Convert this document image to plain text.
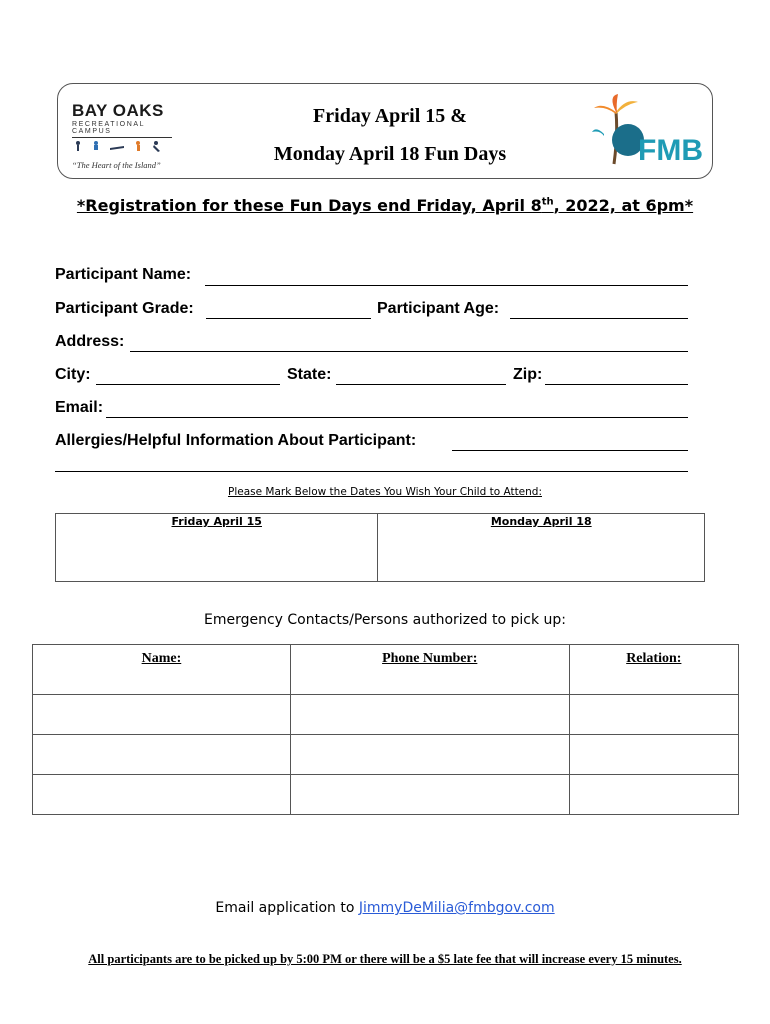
BAY OAKS
RECREATIONAL CAMPUS
“The Heart of the Island”
Friday April 15 &
Monday April 18 Fun Days	FMB
*Registration for these Fun Days end Friday, April 8th, 2022, at 6pm*
Participant Name:
Participant Grade:	Participant Age:
Address:
City:	State:	Zip:
Email:
Allergies/Helpful Information About Participant:
Please Mark Below the Dates You Wish Your Child to Attend:
Friday April 15	Monday April 18
Emergency Contacts/Persons authorized to pick up:
Name:	Phone Number:	Relation:

Email application to JimmyDeMilia@fmbgov.com
All participants are to be picked up by 5:00 PM or there will be a $5 late fee that will increase every 15 minutes.
